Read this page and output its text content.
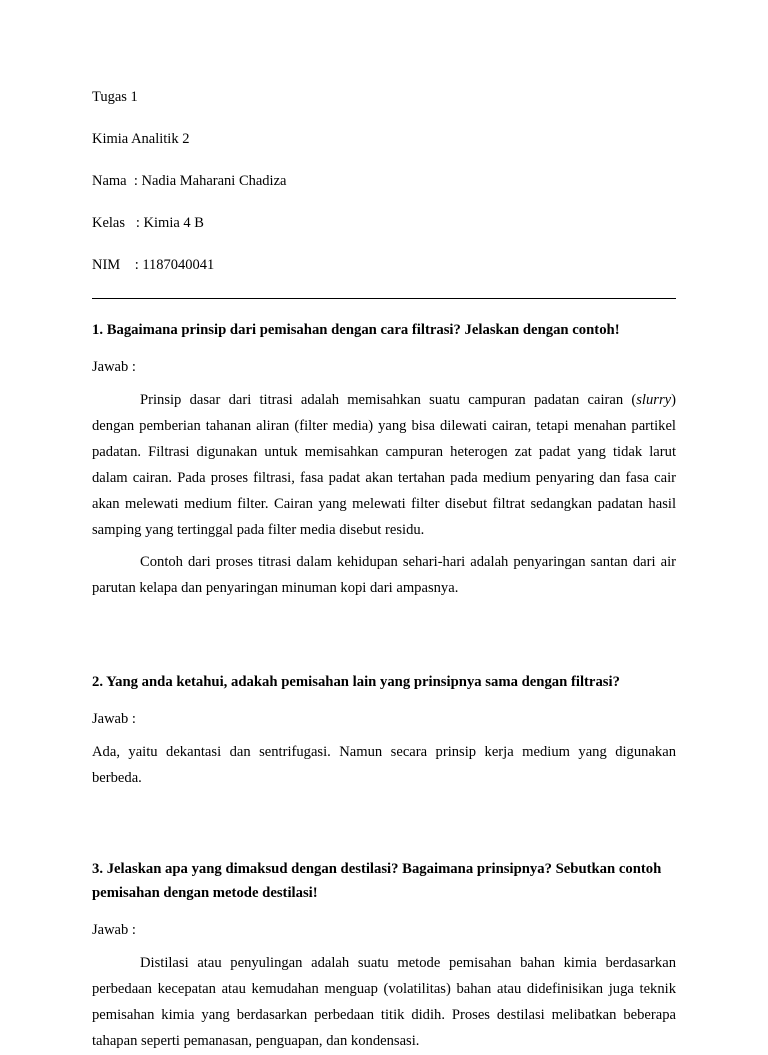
Tugas 1

Kimia Analitik 2

Nama  : Nadia Maharani Chadiza

Kelas   : Kimia 4 B

NIM    : 1187040041

1. Bagaimana prinsip dari pemisahan dengan cara filtrasi? Jelaskan dengan contoh!

Jawab :

Prinsip dasar dari titrasi adalah memisahkan suatu campuran padatan cairan (slurry) dengan pemberian tahanan aliran (filter media) yang bisa dilewati cairan, tetapi menahan partikel padatan. Filtrasi digunakan untuk memisahkan campuran heterogen zat padat yang tidak larut dalam cairan. Pada proses filtrasi, fasa padat akan tertahan pada medium penyaring dan fasa cair akan melewati medium filter. Cairan yang melewati filter disebut filtrat sedangkan padatan hasil samping yang tertinggal pada filter media disebut residu.

Contoh dari proses titrasi dalam kehidupan sehari-hari adalah penyaringan santan dari air parutan kelapa dan penyaringan minuman kopi dari ampasnya.

2. Yang anda ketahui, adakah pemisahan lain yang prinsipnya sama dengan filtrasi?

Jawab :

Ada, yaitu dekantasi dan sentrifugasi. Namun secara prinsip kerja medium yang digunakan berbeda.

3. Jelaskan apa yang dimaksud dengan destilasi? Bagaimana prinsipnya? Sebutkan contoh pemisahan dengan metode destilasi!

Jawab :

Distilasi atau penyulingan adalah suatu metode pemisahan bahan kimia berdasarkan perbedaan kecepatan atau kemudahan menguap (volatilitas) bahan atau didefinisikan juga teknik pemisahan kimia yang berdasarkan perbedaan titik didih. Proses destilasi melibatkan beberapa tahapan seperti pemanasan, penguapan, dan kondensasi.
